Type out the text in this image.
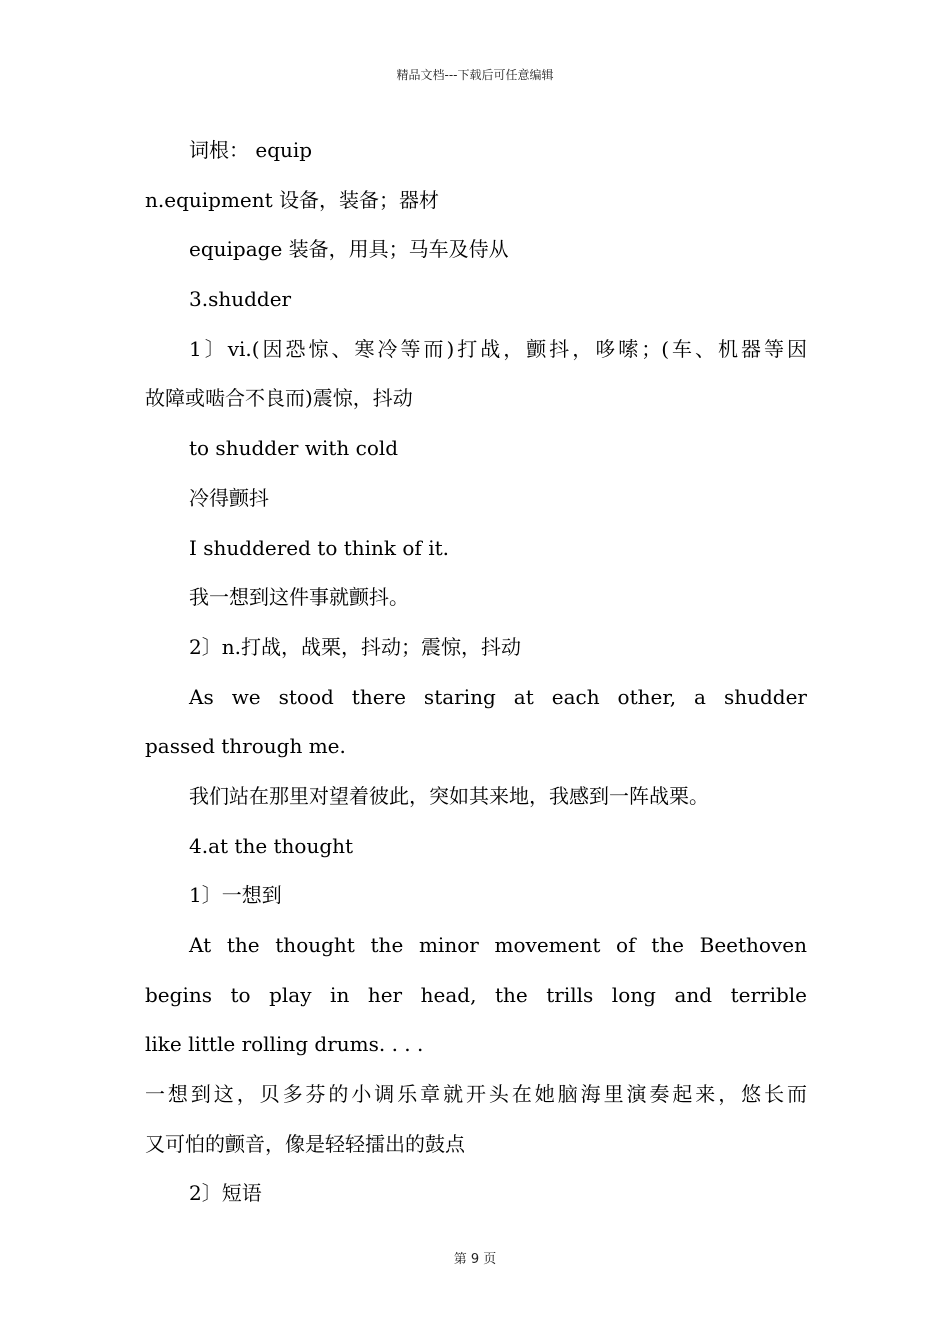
精品文档---下载后可任意编辑
词根： equip
n.equipment 设备，装备；器材
equipage 装备，用具；马车及侍从
3.shudder
1〕vi.(因恐惊、寒冷等而)打战，颤抖，哆嗦；(车、机器等因
故障或啮合不良而)震惊，抖动
to shudder with cold
冷得颤抖
I shuddered to think of it.
我一想到这件事就颤抖。
2〕n.打战，战栗，抖动；震惊，抖动
As we stood there staring at each other, a shudder
passed through me.
我们站在那里对望着彼此，突如其来地，我感到一阵战栗。
4.at the thought
1〕一想到
At the thought the minor movement of the Beethoven
begins to play in her head, the trills long and terrible
like little rolling drums. . . .
一想到这，贝多芬的小调乐章就开头在她脑海里演奏起来，悠长而
又可怕的颤音，像是轻轻擂出的鼓点
2〕短语
第 9 页
